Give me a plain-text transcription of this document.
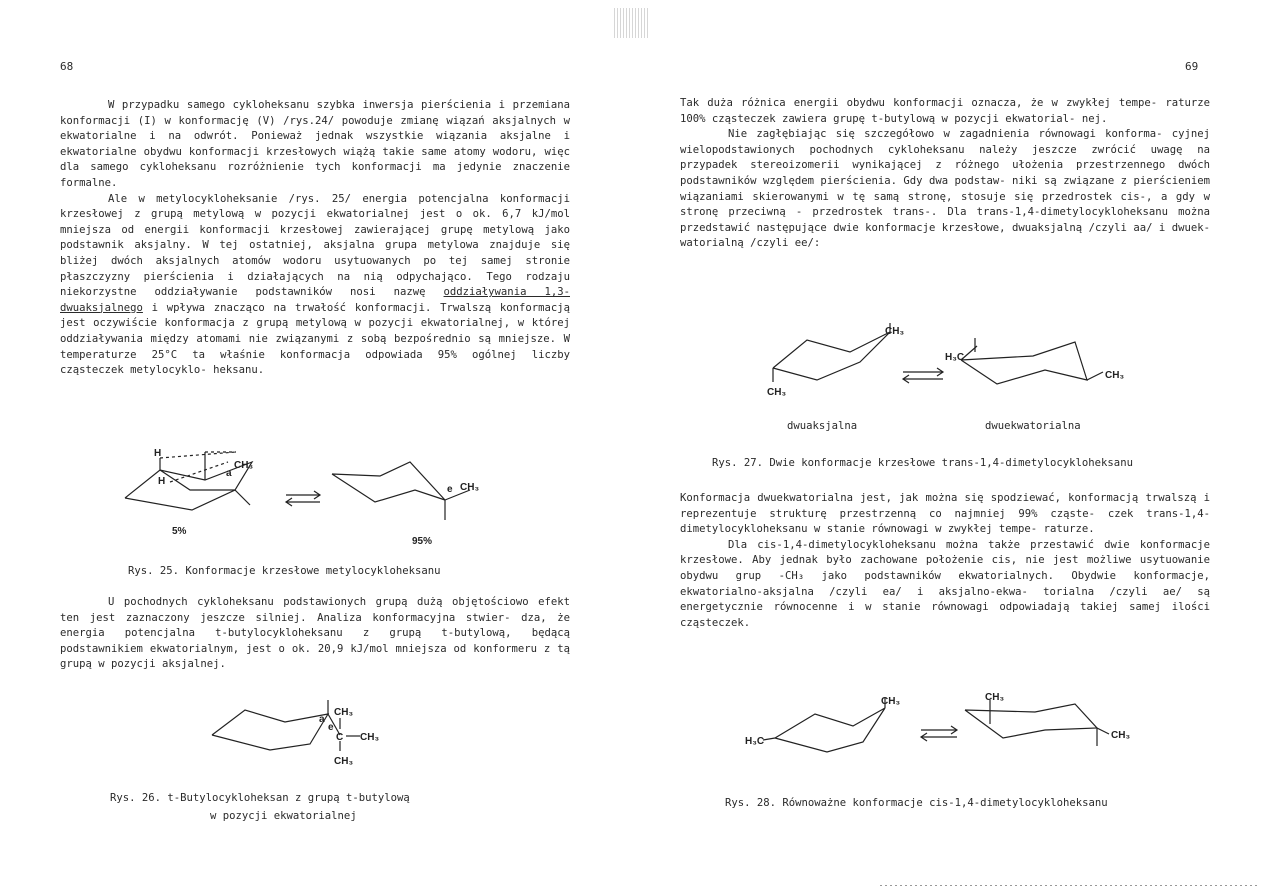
68

W przypadku samego cykloheksanu szybka inwersja pierścienia i przemiana konformacji (I) w konformację (V) /rys.24/ powoduje zmianę wiązań aksjalnych w ekwatorialne i na odwrót. Ponieważ jednak wszystkie wiązania aksjalne i ekwatorialne obydwu konformacji krzesłowych wiążą takie same atomy wodoru, więc dla samego cykloheksanu rozróżnienie tych konformacji ma jedynie znaczenie formalne.

Ale w metylocykloheksanie /rys. 25/ energia potencjalna konformacji krzesłowej z grupą metylową w pozycji ekwatorialnej jest o ok. 6,7 kJ/mol mniejsza od energii konformacji krzesłowej zawierającej grupę metylową jako podstawnik aksjalny. W tej ostatniej, aksjalna grupa metylowa znajduje się bliżej dwóch aksjalnych atomów wodoru usytuowanych po tej samej stronie płaszczyzny pierścienia i działających na nią odpychająco. Tego rodzaju niekorzystne oddziaływanie podstawników nosi nazwę oddziaływania 1,3-dwuaksjalnego i wpływa znacząco na trwałość konformacji. Trwalszą konformacją jest oczywiście konformacja z grupą metylową w pozycji ekwatorialnej, w której oddziaływania między atomami nie związanymi z sobą bezpośrednio są mniejsze. W temperaturze 25°C ta właśnie konformacja odpowiada 95% ogólnej liczby cząsteczek metylocyklo- heksanu.

H
H
CH₃
a
e CH₃
5%
95%
Rys. 25. Konformacje krzesłowe metylocykloheksanu

U pochodnych cykloheksanu podstawionych grupą dużą objętościowo efekt ten jest zaznaczony jeszcze silniej. Analiza konformacyjna stwier- dza, że energia potencjalna t-butylocykloheksanu z grupą t-butylową, będącą podstawnikiem ekwatorialnym, jest o ok. 20,9 kJ/mol mniejsza od konformeru z tą grupą w pozycji aksjalnej.

a
e
CH₃
C CH₃
CH₃
Rys. 26. t-Butylocykloheksan z grupą t-butylową
w pozycji ekwatorialnej
69

Tak duża różnica energii obydwu konformacji oznacza, że w zwykłej tempe- raturze 100% cząsteczek zawiera grupę t-butylową w pozycji ekwatorial- nej.

Nie zagłębiając się szczegółowo w zagadnienia równowagi konforma- cyjnej wielopodstawionych pochodnych cykloheksanu należy jeszcze zwrócić uwagę na przypadek stereoizomerii wynikającej z różnego ułożenia przestrzennego dwóch podstawników względem pierścienia. Gdy dwa podstaw- niki są związane z pierścieniem wiązaniami skierowanymi w tę samą stronę, stosuje się przedrostek cis-, a gdy w stronę przeciwną - przedrostek trans-. Dla trans-1,4-dimetylocykloheksanu można przedstawić następujące dwie konformacje krzesłowe, dwuaksjalną /czyli aa/ i dwuek- watorialną /czyli ee/:

CH₃
CH₃
H₃C
CH₃
dwuaksjalna	dwuekwatorialna
Rys. 27. Dwie konformacje krzesłowe trans-1,4-dimetylocykloheksanu

Konformacja dwuekwatorialna jest, jak można się spodziewać, konformacją trwalszą i reprezentuje strukturę przestrzenną co najmniej 99% cząste- czek trans-1,4-dimetylocykloheksanu w stanie równowagi w zwykłej tempe- raturze.

Dla cis-1,4-dimetylocykloheksanu można także przestawić dwie konformacje krzesłowe. Aby jednak było zachowane położenie cis, nie jest możliwe usytuowanie obydwu grup -CH₃ jako podstawników ekwatorialnych. Obydwie konformacje, ekwatorialno-aksjalna /czyli ea/ i aksjalno-ekwa- torialna /czyli ae/ są energetycznie równocenne i w stanie równowagi odpowiadają takiej samej ilości cząsteczek.

CH₃
H₃C
CH₃
CH₃
Rys. 28. Równoważne konformacje cis-1,4-dimetylocykloheksanu
